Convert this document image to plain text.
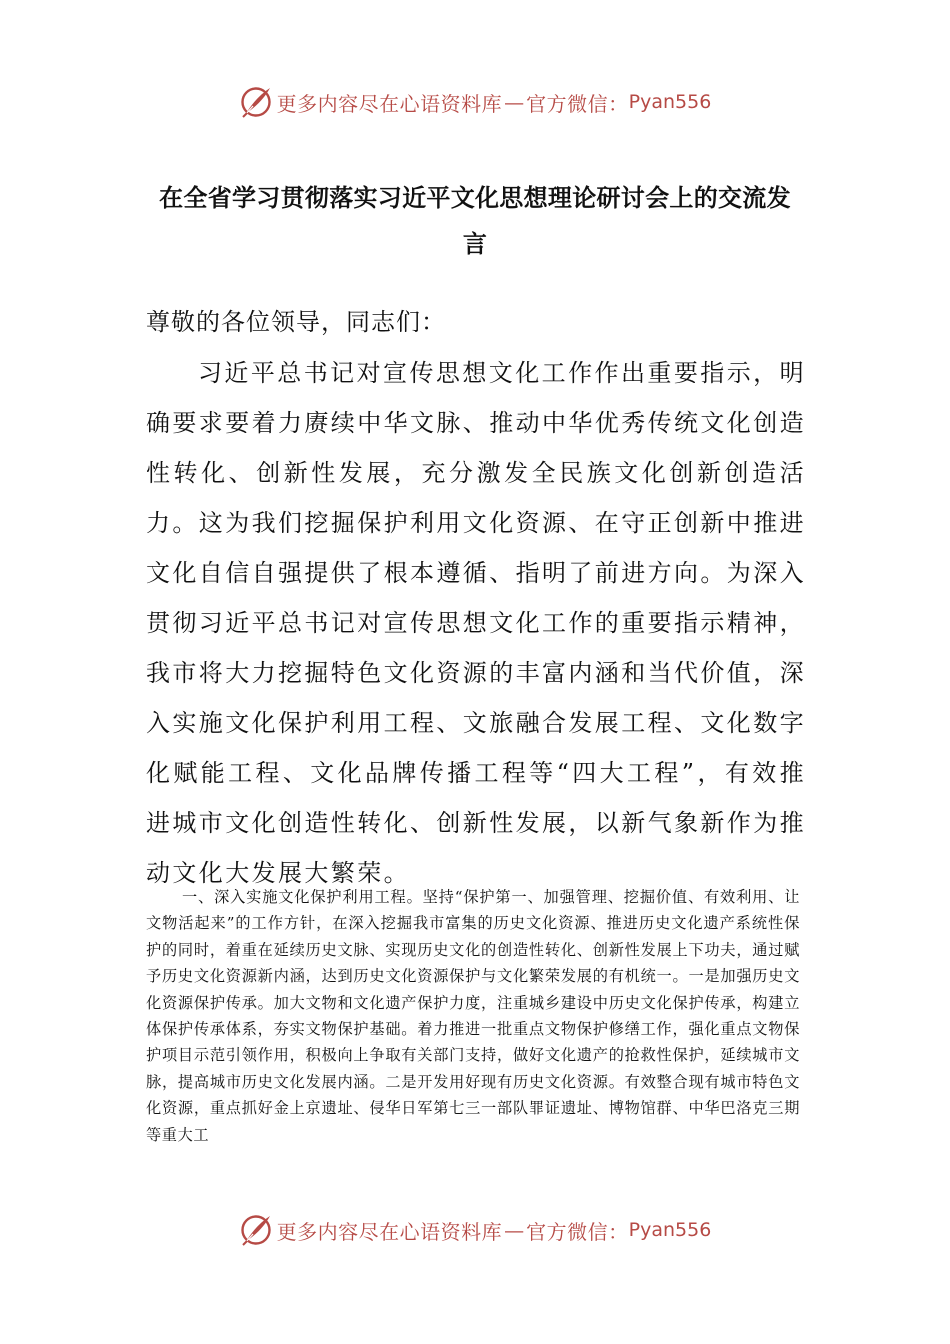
更多内容尽在心语资料库 — 官方微信： Pyan556
在全省学习贯彻落实习近平文化思想理论研讨会上的交流发言

尊敬的各位领导，同志们：

习近平总书记对宣传思想文化工作作出重要指示，明确要求要着力赓续中华文脉、推动中华优秀传统文化创造性转化、创新性发展，充分激发全民族文化创新创造活力。这为我们挖掘保护利用文化资源、在守正创新中推进文化自信自强提供了根本遵循、指明了前进方向。为深入贯彻习近平总书记对宣传思想文化工作的重要指示精神，我市将大力挖掘特色文化资源的丰富内涵和当代价值，深入实施文化保护利用工程、文旅融合发展工程、文化数字化赋能工程、文化品牌传播工程等“四大工程”，有效推进城市文化创造性转化、创新性发展，以新气象新作为推动文化大发展大繁荣。

一、深入实施文化保护利用工程。坚持“保护第一、加强管理、挖掘价值、有效利用、让文物活起来”的工作方针，在深入挖掘我市富集的历史文化资源、推进历史文化遗产系统性保护的同时，着重在延续历史文脉、实现历史文化的创造性转化、创新性发展上下功夫，通过赋予历史文化资源新内涵，达到历史文化资源保护与文化繁荣发展的有机统一。一是加强历史文化资源保护传承。加大文物和文化遗产保护力度，注重城乡建设中历史文化保护传承，构建立体保护传承体系，夯实文物保护基础。着力推进一批重点文物保护修缮工作，强化重点文物保护项目示范引领作用，积极向上争取有关部门支持，做好文化遗产的抢救性保护，延续城市文脉，提高城市历史文化发展内涵。二是开发用好现有历史文化资源。有效整合现有城市特色文化资源，重点抓好金上京遗址、侵华日军第七三一部队罪证遗址、博物馆群、中华巴洛克三期等重大工

更多内容尽在心语资料库 — 官方微信： Pyan556
